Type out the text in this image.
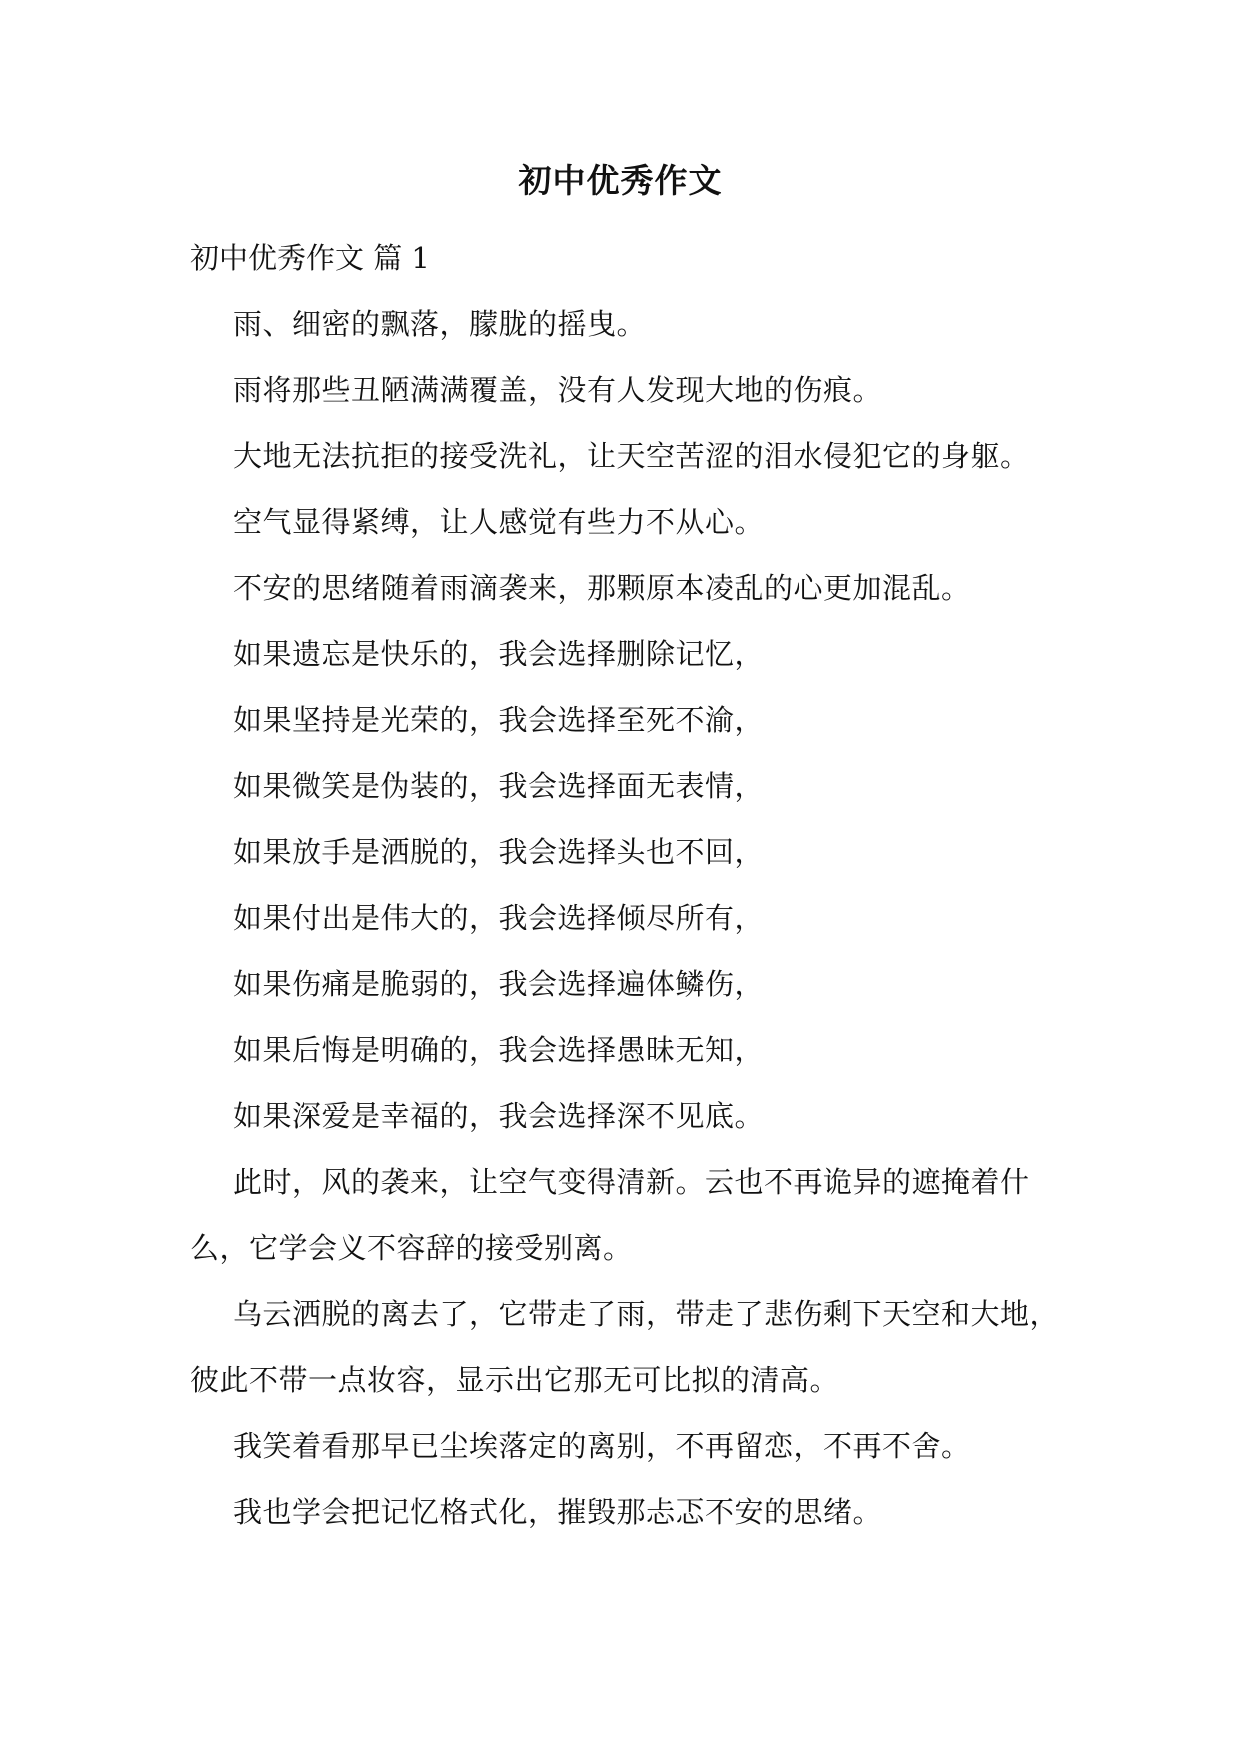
初中优秀作文

初中优秀作文 篇 1

雨、细密的飘落，朦胧的摇曳。

雨将那些丑陋满满覆盖，没有人发现大地的伤痕。

大地无法抗拒的接受洗礼，让天空苦涩的泪水侵犯它的身躯。

空气显得紧缚，让人感觉有些力不从心。

不安的思绪随着雨滴袭来，那颗原本凌乱的心更加混乱。

如果遗忘是快乐的，我会选择删除记忆，

如果坚持是光荣的，我会选择至死不渝，

如果微笑是伪装的，我会选择面无表情，

如果放手是洒脱的，我会选择头也不回，

如果付出是伟大的，我会选择倾尽所有，

如果伤痛是脆弱的，我会选择遍体鳞伤，

如果后悔是明确的，我会选择愚昧无知，

如果深爱是幸福的，我会选择深不见底。

此时，风的袭来，让空气变得清新。云也不再诡异的遮掩着什么，它学会义不容辞的接受别离。

乌云洒脱的离去了，它带走了雨，带走了悲伤剩下天空和大地，彼此不带一点妆容，显示出它那无可比拟的清高。

我笑着看那早已尘埃落定的离别，不再留恋，不再不舍。

我也学会把记忆格式化，摧毁那忐忑不安的思绪。
